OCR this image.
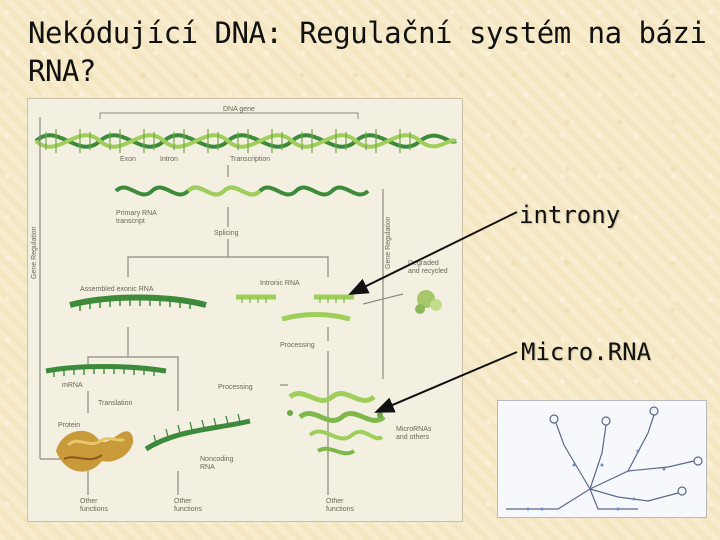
Nekódující DNA: Regulační systém na bázi RNA?
DNA gene
Exon	Intron	Transcription
Primary RNA
transcript
Splicing
Gene Regulation	Gene Regulation Degraded
and recycled
Assembled exonic RNA
Intronic RNA
Processing
mRNA	Processing
Translation
Protein
Noncoding
RNA
MicroRNAs
and others
Other
functions
Other
functions
Other
functions
introny
Micro.RNA
